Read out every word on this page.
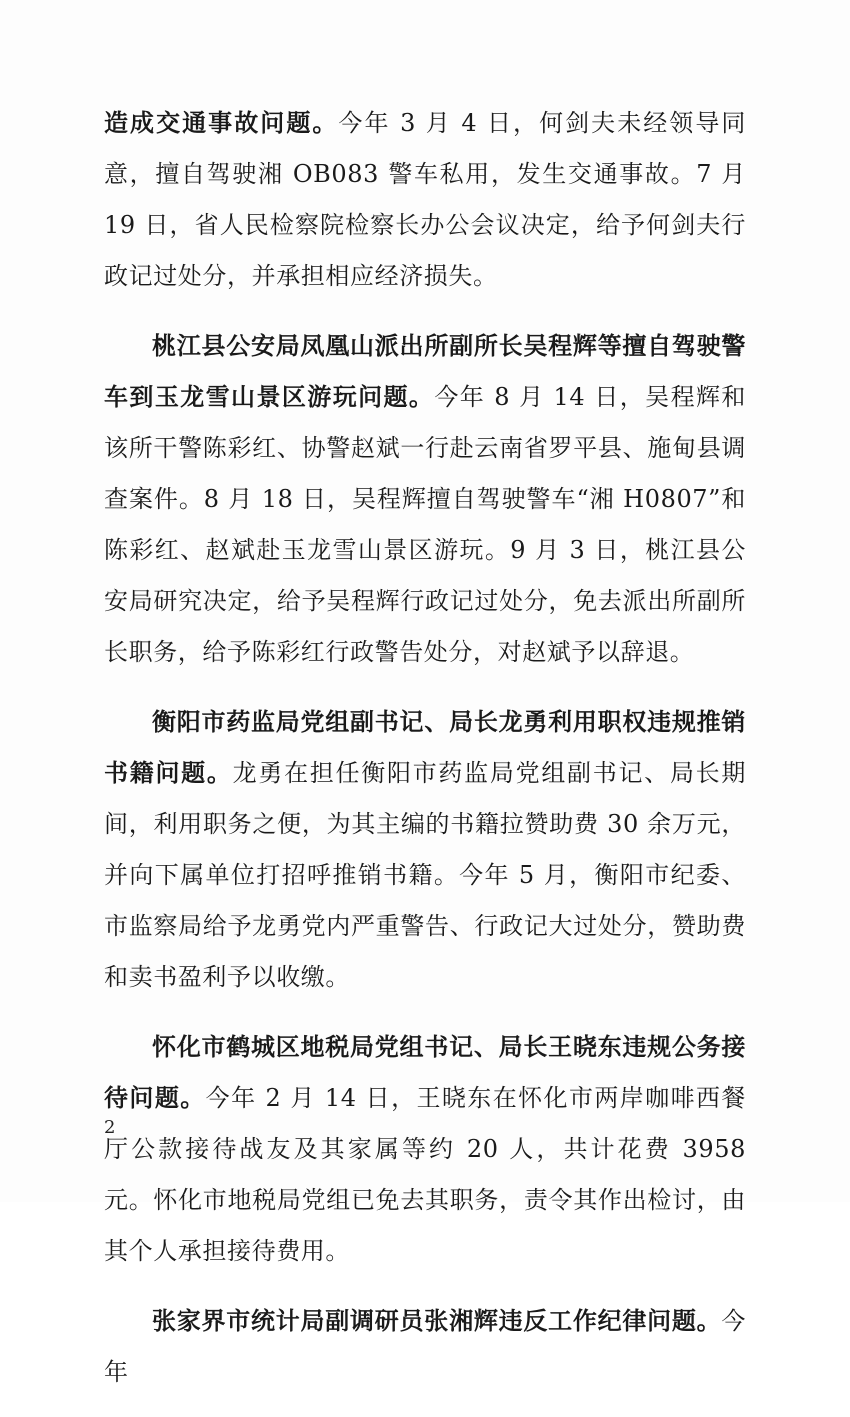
造成交通事故问题。今年 3 月 4 日，何剑夫未经领导同意，擅自驾驶湘 OB083 警车私用，发生交通事故。7 月 19 日，省人民检察院检察长办公会议决定，给予何剑夫行政记过处分，并承担相应经济损失。

桃江县公安局凤凰山派出所副所长吴程辉等擅自驾驶警车到玉龙雪山景区游玩问题。今年 8 月 14 日，吴程辉和该所干警陈彩红、协警赵斌一行赴云南省罗平县、施甸县调查案件。8 月 18 日，吴程辉擅自驾驶警车“湘 H0807”和陈彩红、赵斌赴玉龙雪山景区游玩。9 月 3 日，桃江县公安局研究决定，给予吴程辉行政记过处分，免去派出所副所长职务，给予陈彩红行政警告处分，对赵斌予以辞退。

衡阳市药监局党组副书记、局长龙勇利用职权违规推销书籍问题。龙勇在担任衡阳市药监局党组副书记、局长期间，利用职务之便，为其主编的书籍拉赞助费 30 余万元，并向下属单位打招呼推销书籍。今年 5 月，衡阳市纪委、市监察局给予龙勇党内严重警告、行政记大过处分，赞助费和卖书盈利予以收缴。

怀化市鹤城区地税局党组书记、局长王晓东违规公务接待问题。今年 2 月 14 日，王晓东在怀化市两岸咖啡西餐厅公款接待战友及其家属等约 20 人，共计花费 3958 元。怀化市地税局党组已免去其职务，责令其作出检讨，由其个人承担接待费用。

张家界市统计局副调研员张湘辉违反工作纪律问题。今年

2
